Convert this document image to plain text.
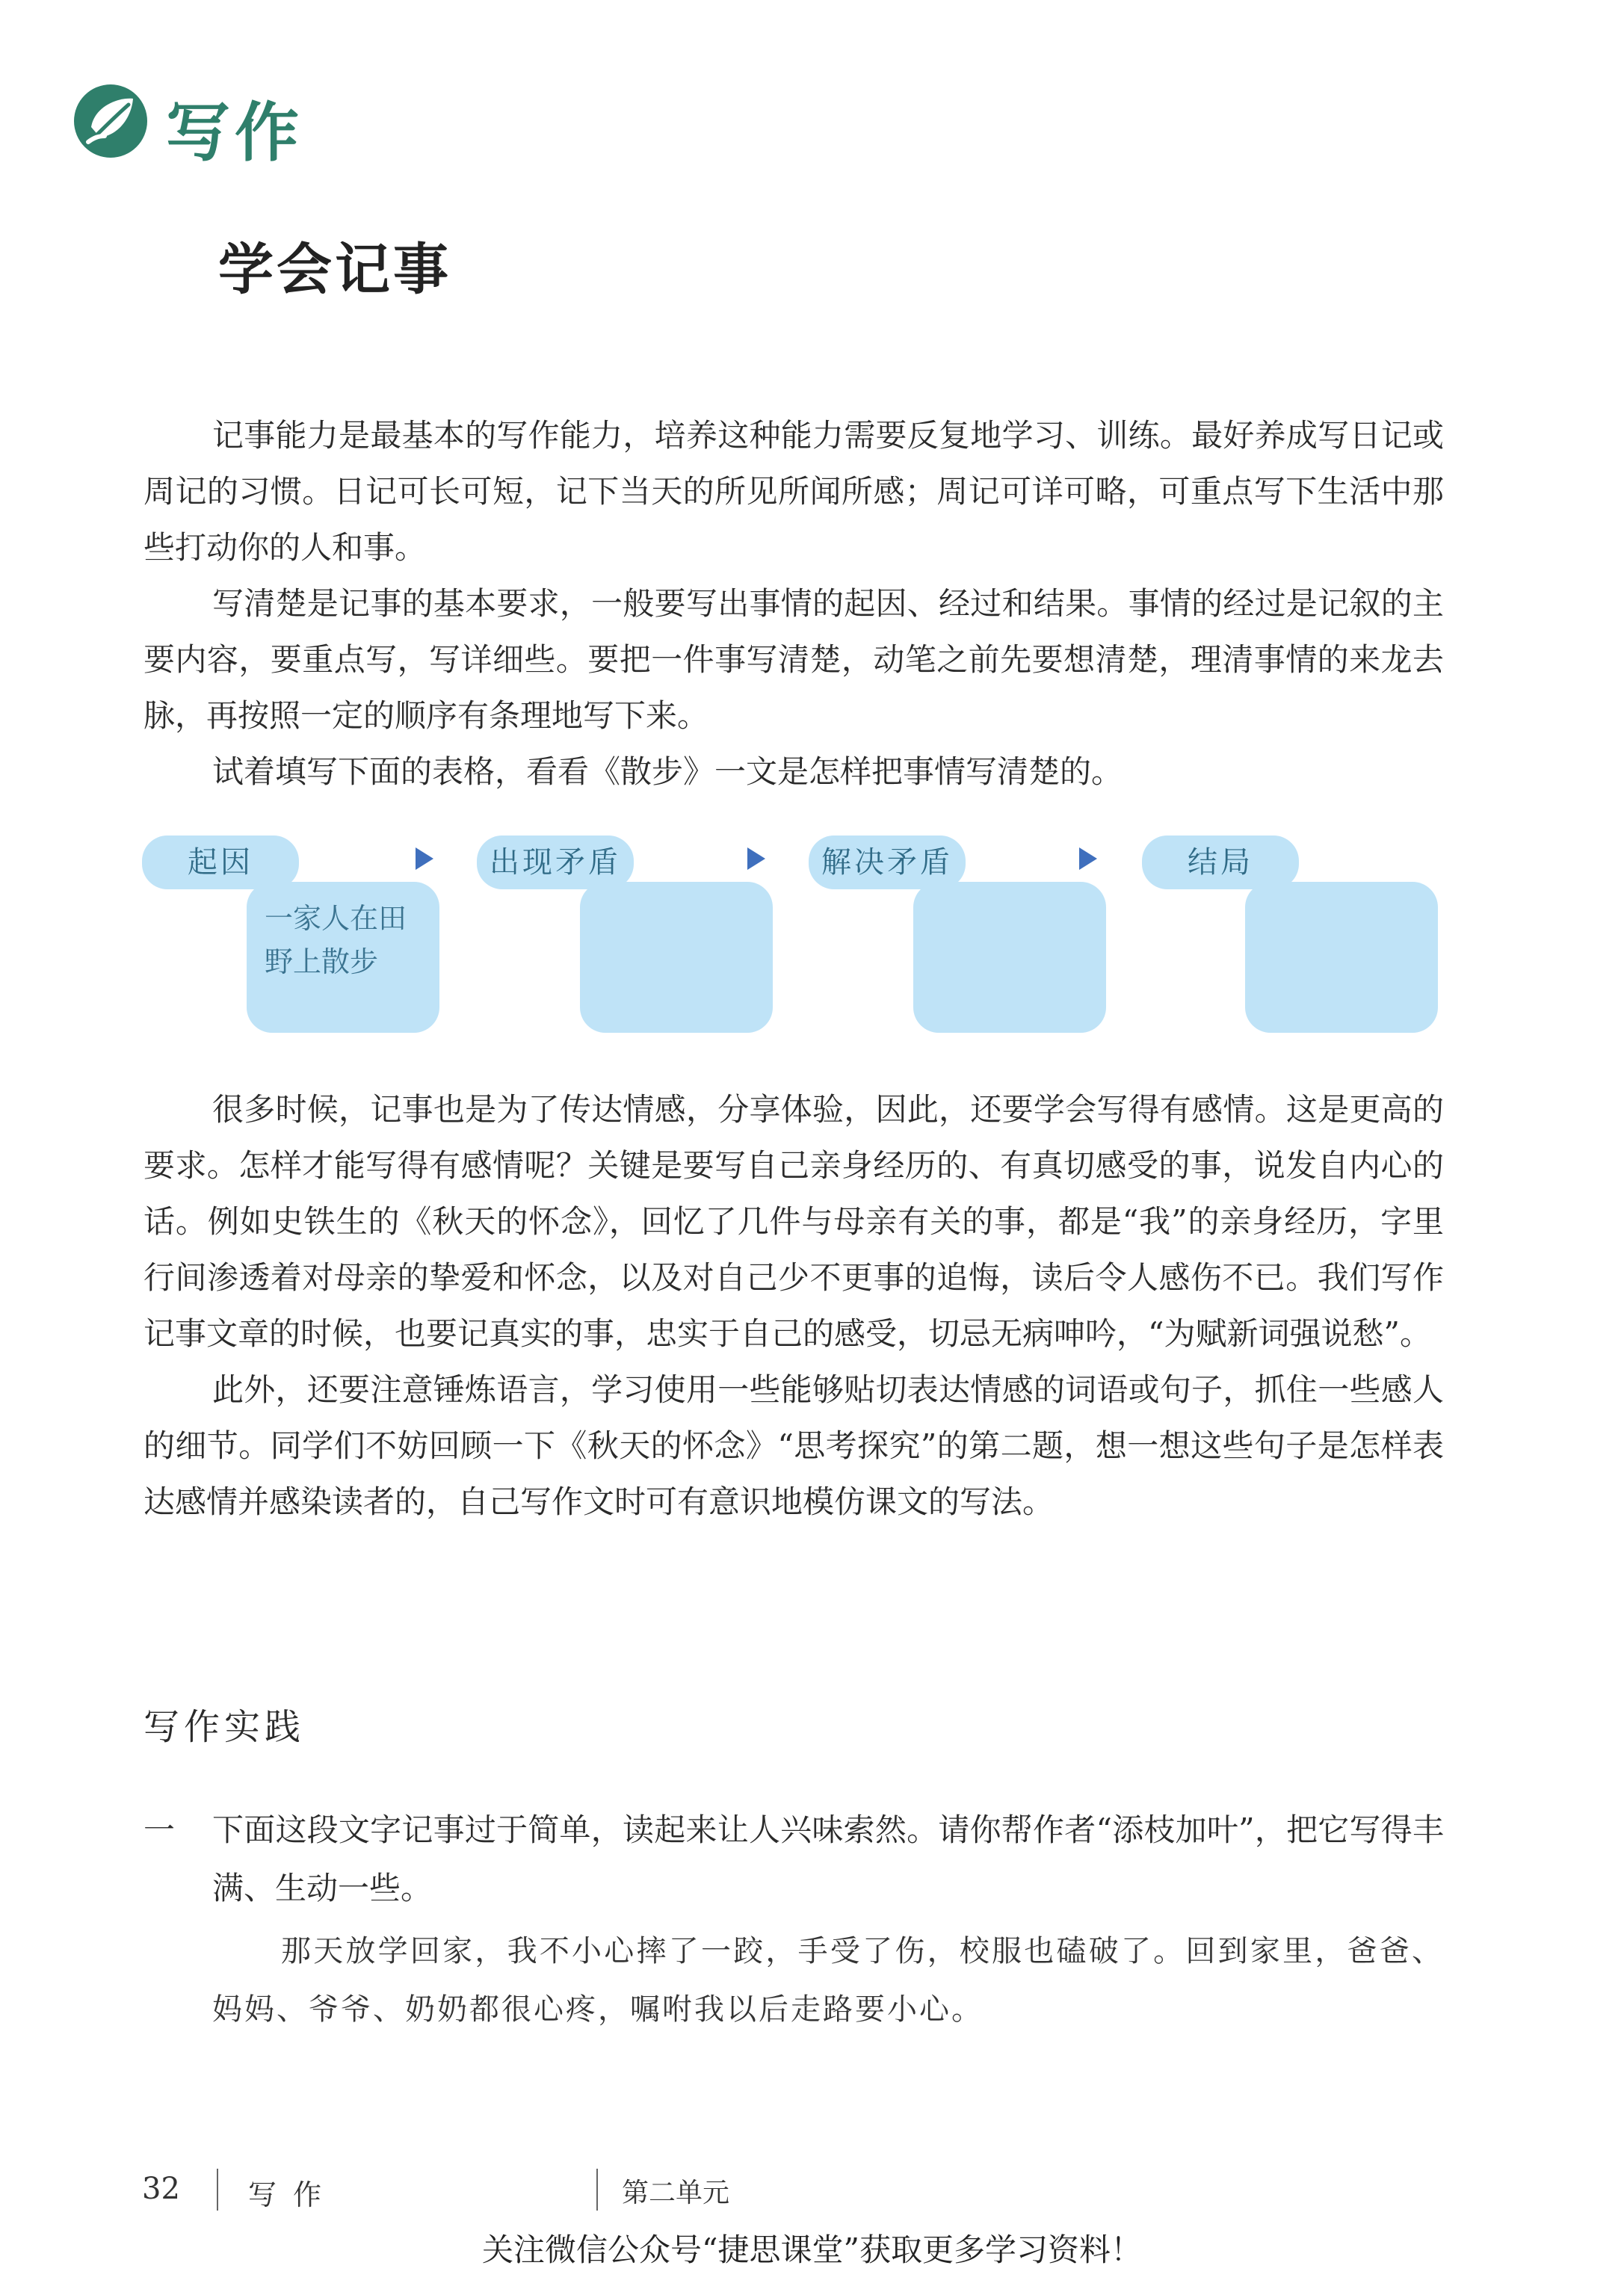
写作
学会记事

记事能力是最基本的写作能力，培养这种能力需要反复地学习、训练。最好养成写日记或周记的习惯。日记可长可短，记下当天的所见所闻所感；周记可详可略，可重点写下生活中那些打动你的人和事。

写清楚是记事的基本要求，一般要写出事情的起因、经过和结果。事情的经过是记叙的主要内容，要重点写，写详细些。要把一件事写清楚，动笔之前先要想清楚，理清事情的来龙去脉，再按照一定的顺序有条理地写下来。

试着填写下面的表格，看看《散步》一文是怎样把事情写清楚的。

起因
一家人在田野上散步
出现矛盾	解决矛盾	结局

很多时候，记事也是为了传达情感，分享体验，因此，还要学会写得有感情。这是更高的要求。怎样才能写得有感情呢？关键是要写自己亲身经历的、有真切感受的事，说发自内心的话。例如史铁生的《秋天的怀念》，回忆了几件与母亲有关的事，都是“我”的亲身经历，字里行间渗透着对母亲的挚爱和怀念，以及对自己少不更事的追悔，读后令人感伤不已。我们写作记事文章的时候，也要记真实的事，忠实于自己的感受，切忌无病呻吟，“为赋新词强说愁”。

此外，还要注意锤炼语言，学习使用一些能够贴切表达情感的词语或句子，抓住一些感人的细节。同学们不妨回顾一下《秋天的怀念》“思考探究”的第二题，想一想这些句子是怎样表达感情并感染读者的，自己写作文时可有意识地模仿课文的写法。

写作实践
一	下面这段文字记事过于简单，读起来让人兴味索然。请你帮作者“添枝加叶”，把它写得丰满、生动一些。
那天放学回家，我不小心摔了一跤，手受了伤，校服也磕破了。回到家里，爸爸、妈妈、爷爷、奶奶都很心疼，嘱咐我以后走路要小心。
32 写作	第二单元
关注微信公众号“捷思课堂”获取更多学习资料！
